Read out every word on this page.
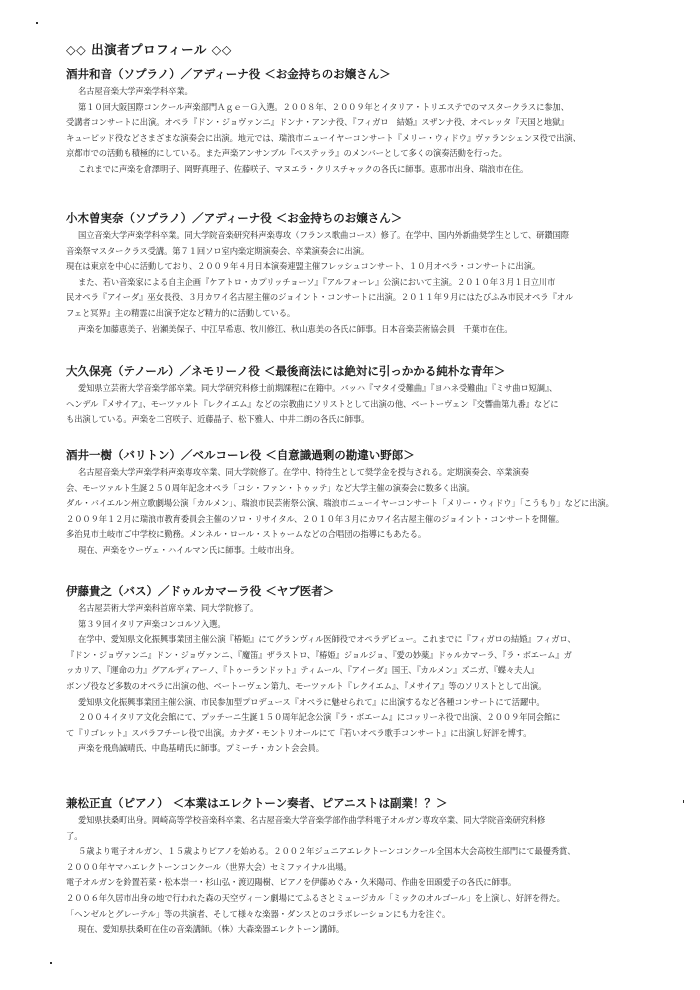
◇◇ 出演者プロフィール ◇◇
酒井和音（ソプラノ）／アディーナ役 ＜お金持ちのお嬢さん＞
名古屋音楽大学声楽学科卒業。
第１０回大阪国際コンクール声楽部門Ａｇｅ－Ｇ入選。２００８年、２００９年とイタリア・トリエステでのマスタークラスに参加、
受講者コンサートに出演。オペラ『ドン・ジョヴァンニ』ドンナ・アンナ役、『フィガロ　結婚』スザンナ役、オペレッタ『天国と地獄』
キューピッド役などさまざまな演奏会に出演。地元では、瑞浪市ニューイヤーコンサート『メリー・ウィドウ』ヴァランシェンヌ役で出演、
京都市での活動も積極的にしている。また声楽アンサンブル『ペステッラ』のメンバーとして多くの演奏活動を行った。
これまでに声楽を倉澤明子、岡野真理子、佐藤咲子、マヌエラ・クリスチャックの各氏に師事。恵那市出身、瑞浪市在住。
小木曽実奈（ソプラノ）／アディーナ役 ＜お金持ちのお嬢さん＞
国立音楽大学声楽学科卒業。同大学院音楽研究科声楽専攻（フランス歌曲コース）修了。在学中、国内外新曲奨学生として、研鑽国際
音楽祭マスタークラス受講。第７１回ソロ室内楽定期演奏会、卒業演奏会に出演。
現在は東京を中心に活動しており、２００９年４月日本演奏連盟主催フレッシュコンサート、１０月オペラ・コンサートに出演。
また、若い音楽家による自主企画『ケアトロ・カプリッチョーソ』『アルフォーレ』公演において主演。２０１０年３月１日立川市
民オペラ『アイーダ』巫女長役、３月カワイ名古屋主催のジョイント・コンサートに出演。２０１１年９月にはたびふみ市民オペラ『オル
フェと冥界』主の精霊に出演予定など精力的に活動している。
声楽を加藤恵美子、岩瀬美保子、中江早希恵、牧川修江、秋山恵美の各氏に師事。日本音楽芸術協会員　千葉市在住。
大久保亮（テノール）／ネモリーノ役 ＜最後商法には絶対に引っかかる純朴な青年＞
愛知県立芸術大学音楽学部卒業。同大学研究科修士前期課程に在籍中。バッハ『マタイ受難曲』『ヨハネ受難曲』『ミサ曲ロ短調』、
ヘンデル『メサイア』、モーツァルト『レクイエム』などの宗教曲にソリストとして出演の他、ベートーヴェン『交響曲第九番』などに
も出演している。声楽を二宮咲子、近藤晶子、松下雅人、中井二朗の各氏に師事。
酒井一樹（バリトン）／ベルコーレ役 ＜自意識過剰の勘違い野郎＞
名古屋音楽大学声楽学科声楽専攻卒業、同大学院修了。在学中、特待生として奨学金を授与される。定期演奏会、卒業演奏
会、モーツァルト生誕２５０周年記念オペラ「コシ・ファン・トゥッテ」など大学主催の演奏会に数多く出演。
ダル・バイエルン州立歌劇場公演「カルメン」、瑞浪市民芸術祭公演、瑞浪市ニューイヤーコンサート「メリー・ウィドウ」「こうもり」などに出演。
２００９年１２月に瑞浪市教育委員会主催のソロ・リサイタル、２０１０年３月にカワイ名古屋主催のジョイント・コンサートを開催。
多治見市土岐市ご中学校に勤務。メンネル・ロール・ストゥームなどの合唱団の指導にもあたる。
現在、声楽をウーヴェ・ハイルマン氏に師事。土岐市出身。
伊藤貴之（バス）／ドゥルカマーラ役 ＜ヤブ医者＞
名古屋芸術大学声楽科首席卒業、同大学院修了。
第３９回イタリア声楽コンコルソ入選。
在学中、愛知県文化振興事業団主催公演『椿姫』にてグランヴィル医師役でオペラデビュー。これまでに『フィガロの結婚』フィガロ、
『ドン・ジョヴァンニ』ドン・ジョヴァンニ、『魔笛』ザラストロ、『椿姫』ジョルジョ、『愛の妙薬』ドゥルカマーラ、『ラ・ボエーム』ガ
ッカリア、『運命の力』グアルディアーノ、『トゥーランドット』ティムール、『アイーダ』国王、『カルメン』ズニガ、『蝶々夫人』
ボンゾ役など多数のオペラに出演の他、ベートーヴェン第九、モーツァルト『レクイエム』、『メサイア』等のソリストとして出演。
愛知県文化振興事業団主催公演、市民参加型プロデュース『オペラに魅せられて』に出演するなど各種コンサートにて活躍中。
２００４イタリア文化会館にて、プッチーニ生誕１５０周年記念公演『ラ・ボエーム』にコッリーネ役で出演、２００９年同会館に
て『リゴレット』スパラフチーレ役で出演。カナダ・モントリオールにて『若いオペラ歌手コンサート』に出演し好評を博す。
声楽を飛鳥誠晴氏、中島基晴氏に師事。プミーチ・カント会会員。
兼松正直（ピアノ） ＜本業はエレクトーン奏者、ピアニストは副業！？＞
愛知県扶桑町出身。岡崎高等学校音楽科卒業、名古屋音楽大学音楽学部作曲学科電子オルガン専攻卒業、同大学院音楽研究科修
了。
５歳より電子オルガン、１５歳よりピアノを始める。２００２年ジュニアエレクトーンコンクール全国本大会高校生部門にて最優秀賞、
２０００年ヤマハエレクトーンコンクール（世界大会）セミファイナル出場。
電子オルガンを鈴置若菜・松本崇一・杉山弘・渡辺陽樹、ピアノを伊藤めぐみ・久米陽司、作曲を田頭愛子の各氏に師事。
２００６年久居市出身の地で行われた森の天空ヴィ－ン劇場にてふるさとミュージカル「ミックのオルゴール」を上演し、好評を得た。
「ヘンゼルとグレーテル」等の共演者、そして様々な楽器・ダンスとのコラボレーションにも力を注ぐ。
現在、愛知県扶桑町在住の音楽講師。（株）大森楽器エレクトーン講師。
